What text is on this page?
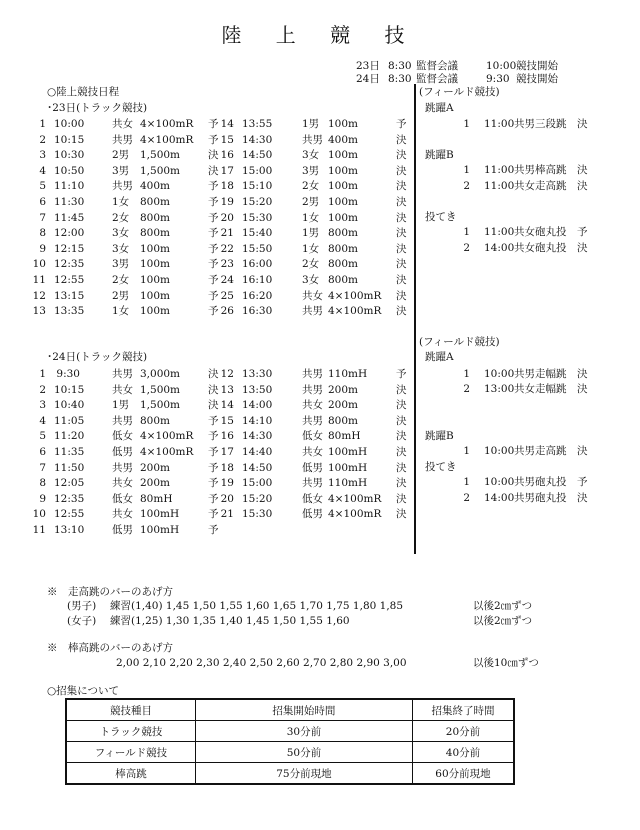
陸 上 競 技
23日 8:30 監督会議	10:00 競技開始
24日 8:30 監督会議	9:30 競技開始
○陸上競技日程
･23日(トラック競技)
1 10:00	共女 4×100mR 予 14 13:55	1男 100m	予
2 10:15	共男 4×100mR 予 15 14:30	共男 400m	決
3 10:30	2男 1,500m	決 16 14:50	3女 100m	決
4 10:50	3男 1,500m	決 17 15:00	3男 100m	決
5 11:10	共男 400m	予 18 15:10	2女 100m	決
6 11:30	1女 800m	予 19 15:20	2男 100m	決
7 11:45	2女 800m	予 20 15:30	1女 100m	決
8 12:00	3女 800m	予 21 15:40	1男 800m	決
9 12:15	3女 100m	予 22 15:50	1女 800m	決
10 12:35	3男 100m	予 23 16:00	2女 800m	決
11 12:55	2女 100m	予 24 16:10	3女 800m	決
12 13:15	2男 100m	予 25 16:20	共女 4×100mR 決
13 13:35	1女 100m	予 26 16:30	共男 4×100mR 決
(フィールド競技)
跳躍A
1 11:00 共男三段跳 決
跳躍B
1 11:00 共男棒高跳 決
2 11:00 共女走高跳 決
投てき
1 11:00 共女砲丸投 予
2 14:00 共女砲丸投 決
･24日(トラック競技)
1 9:30	共男 3,000m	決 12 13:30	共男 110mH	予
2 10:15	共女 1,500m	決 13 13:50	共男 200m	決
3 10:40	1男 1,500m	決 14 14:00	共女 200m	決
4 11:05	共男 800m	予 15 14:10	共男 800m	決
5 11:20	低女 4×100mR 予 16 14:30	低女 80mH	決
6 11:35	低男 4×100mR 予 17 14:40	共女 100mH	決
7 11:50	共男 200m	予 18 14:50	低男 100mH	決
8 12:05	共女 200m	予 19 15:00	共男 110mH	決
9 12:35	低女 80mH	予 20 15:20	低女 4×100mR 決
10 12:55	共女 100mH	予 21 15:30	低男 4×100mR 決
11 13:10	低男 100mH	予
(フィールド競技)
跳躍A
1 10:00 共男走幅跳 決
2 13:00 共女走幅跳 決
跳躍B
1 10:00 共男走高跳 決
投てき
1 10:00 共男砲丸投 予
2 14:00 共男砲丸投 決
※　走高跳のバーのあげ方
(男子) 練習(1,40) 1,45 1,50 1,55 1,60 1,65 1,70 1,75 1,80 1,85	以後2㎝ずつ
(女子) 練習(1,25) 1,30 1,35 1,40 1,45 1,50 1,55 1,60	以後2㎝ずつ
※　棒高跳のバーのあげ方
2,00 2,10 2,20 2,30 2,40 2,50 2,60 2,70 2,80 2,90 3,00	以後10㎝ずつ
○招集について
競技種目	招集開始時間	招集終了時間
トラック競技	30分前	20分前
フィールド競技	50分前	40分前
棒高跳	75分前現地	60分前現地
